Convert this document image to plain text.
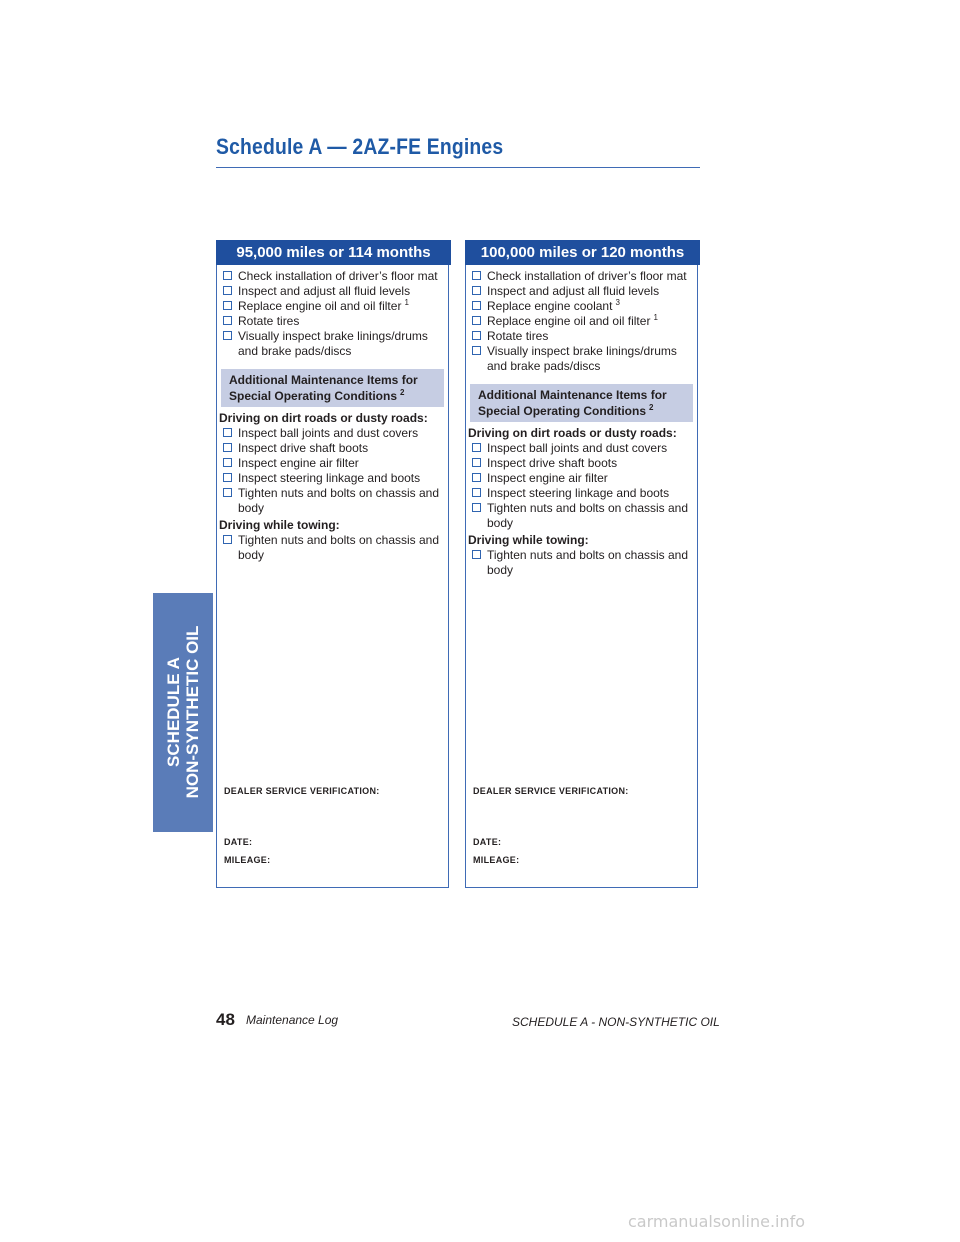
Schedule A — 2AZ-FE Engines
SCHEDULE A NON-SYNTHETIC OIL
95,000 miles or 114 months
Check installation of driver’s floor mat
Inspect and adjust all fluid levels
Replace engine oil and oil filter $^1$
Rotate tires
Visually inspect brake linings/drums and brake pads/discs
Additional Maintenance Items for
Special Operating Conditions $^2$
Driving on dirt roads or dusty roads:
Inspect ball joints and dust covers
Inspect drive shaft boots
Inspect engine air filter
Inspect steering linkage and boots
Tighten nuts and bolts on chassis and body
Driving while towing:
Tighten nuts and bolts on chassis and body
DEALER SERVICE VERIFICATION:
DATE:
MILEAGE:
100,000 miles or 120 months
Check installation of driver’s floor mat
Inspect and adjust all fluid levels
Replace engine coolant $^3$
Replace engine oil and oil filter $^1$
Rotate tires
Visually inspect brake linings/drums and brake pads/discs
Additional Maintenance Items for
Special Operating Conditions $^2$
Driving on dirt roads or dusty roads:
Inspect ball joints and dust covers
Inspect drive shaft boots
Inspect engine air filter
Inspect steering linkage and boots
Tighten nuts and bolts on chassis and body
Driving while towing:
Tighten nuts and bolts on chassis and body
DEALER SERVICE VERIFICATION:
DATE:
MILEAGE:
48 Maintenance Log	SCHEDULE A - NON-SYNTHETIC OIL
carmanualsonline.info
